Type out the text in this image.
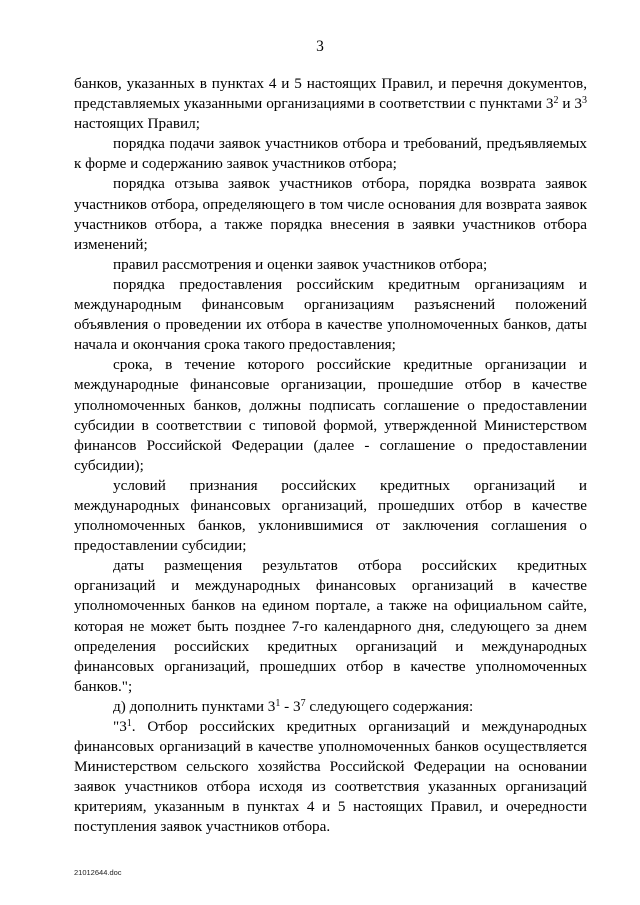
3

банков, указанных в пунктах 4 и 5 настоящих Правил, и перечня документов, представляемых указанными организациями в соответствии с пунктами $3^2$ и $3^3$ настоящих Правил;

порядка подачи заявок участников отбора и требований, предъявляемых к форме и содержанию заявок участников отбора;

порядка отзыва заявок участников отбора, порядка возврата заявок участников отбора, определяющего в том числе основания для возврата заявок участников отбора, а также порядка внесения в заявки участников отбора изменений;

правил рассмотрения и оценки заявок участников отбора;

порядка предоставления российским кредитным организациям и международным финансовым организациям разъяснений положений объявления о проведении их отбора в качестве уполномоченных банков, даты начала и окончания срока такого предоставления;

срока, в течение которого российские кредитные организации и международные финансовые организации, прошедшие отбор в качестве уполномоченных банков, должны подписать соглашение о предоставлении субсидии в соответствии с типовой формой, утвержденной Министерством финансов Российской Федерации (далее - соглашение о предоставлении субсидии);

условий признания российских кредитных организаций и международных финансовых организаций, прошедших отбор в качестве уполномоченных банков, уклонившимися от заключения соглашения о предоставлении субсидии;

даты размещения результатов отбора российских кредитных организаций и международных финансовых организаций в качестве уполномоченных банков на едином портале, а также на официальном сайте, которая не может быть позднее 7-го календарного дня, следующего за днем определения российских кредитных организаций и международных финансовых организаций, прошедших отбор в качестве уполномоченных банков.";

д) дополнить пунктами $3^1 - 3^7$ следующего содержания:

"$3^1$. Отбор российских кредитных организаций и международных финансовых организаций в качестве уполномоченных банков осуществляется Министерством сельского хозяйства Российской Федерации на основании заявок участников отбора исходя из соответствия указанных организаций критериям, указанным в пунктах 4 и 5 настоящих Правил, и очередности поступления заявок участников отбора.

21012644.doc
